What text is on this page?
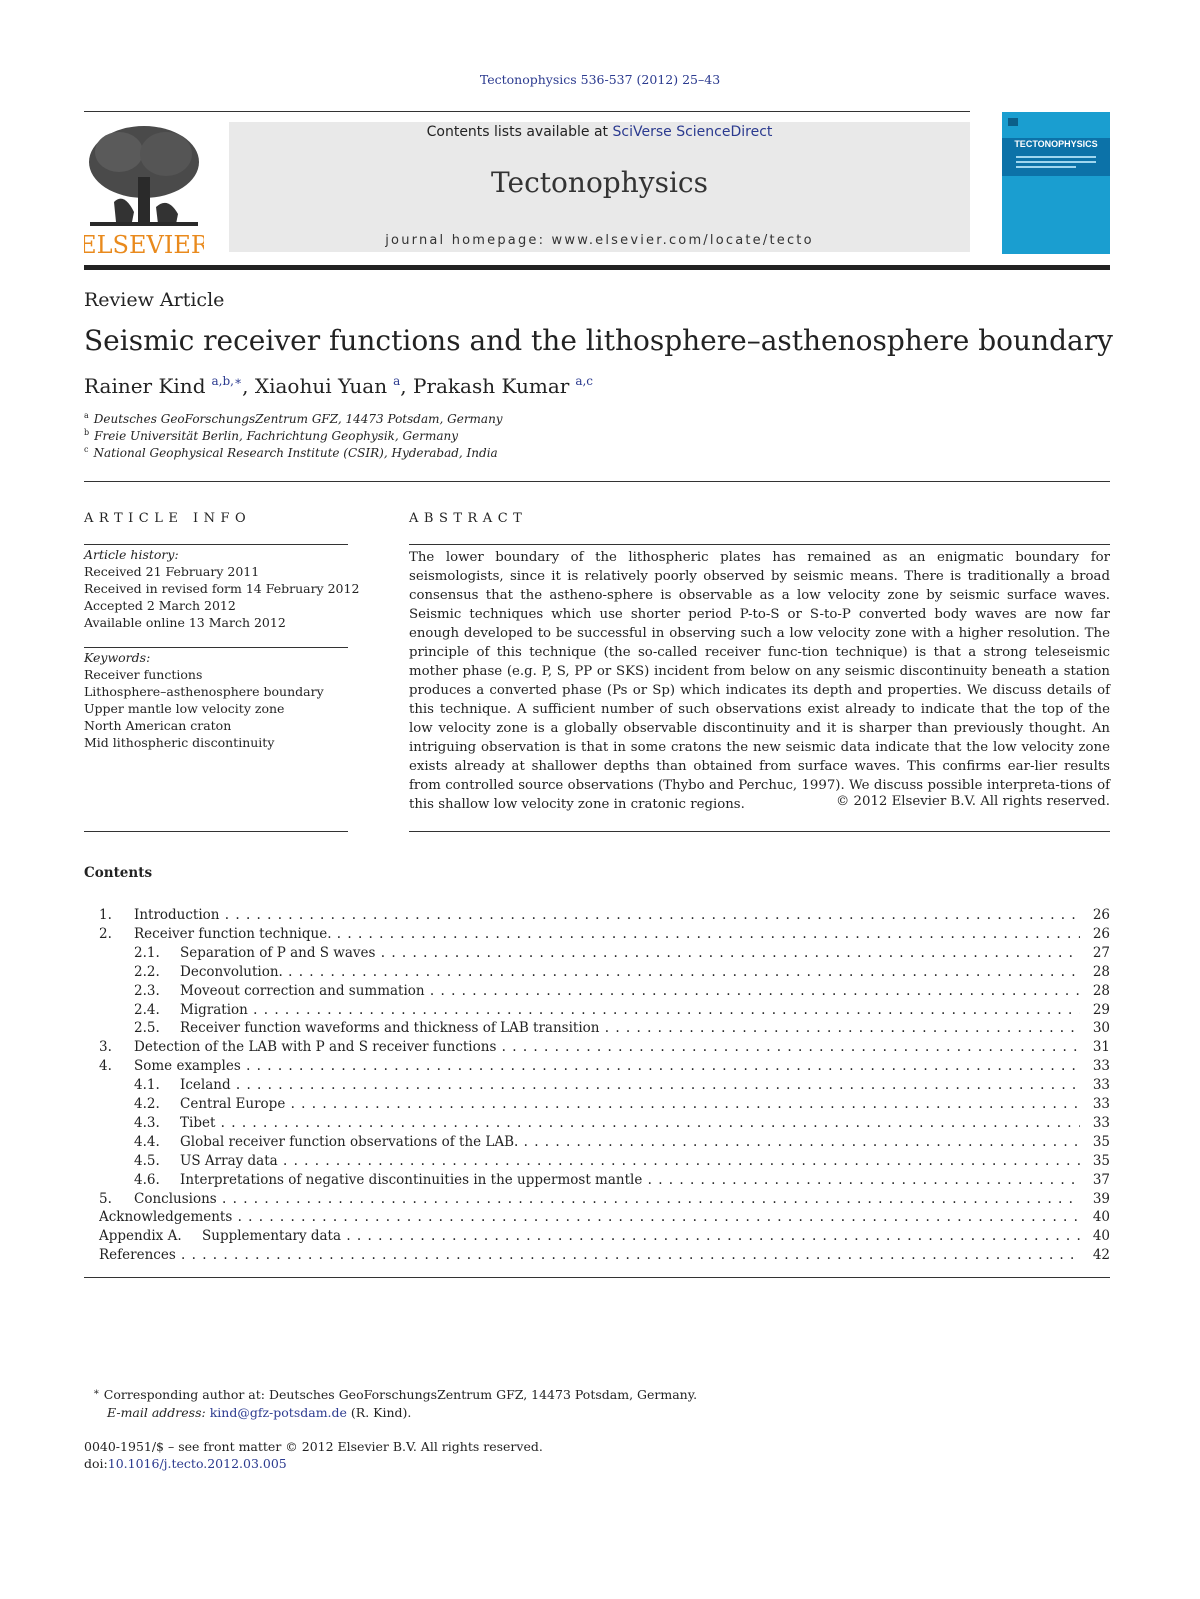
Tectonophysics 536-537 (2012) 25–43
ELSEVIER
Contents lists available at SciVerse ScienceDirect
Tectonophysics
journal homepage: www.elsevier.com/locate/tecto
TECTONOPHYSICS
Review Article
Seismic receiver functions and the lithosphere–asthenosphere boundary
Rainer Kind $^{a,b,∗}$, Xiaohui Yuan $^a$, Prakash Kumar $^{a,c}$
$^a$ Deutsches GeoForschungsZentrum GFZ, 14473 Potsdam, Germany
$^b$ Freie Universität Berlin, Fachrichtung Geophysik, Germany
$^c$ National Geophysical Research Institute (CSIR), Hyderabad, India
ARTICLE INFO
Article history:
Received 21 February 2011
Received in revised form 14 February 2012
Accepted 2 March 2012
Available online 13 March 2012
Keywords:
Receiver functions
Lithosphere–asthenosphere boundary
Upper mantle low velocity zone
North American craton
Mid lithospheric discontinuity
ABSTRACT
The lower boundary of the lithospheric plates has remained as an enigmatic boundary for seismologists, since it is relatively poorly observed by seismic means. There is traditionally a broad consensus that the astheno-sphere is observable as a low velocity zone by seismic surface waves. Seismic techniques which use shorter period P-to-S or S-to-P converted body waves are now far enough developed to be successful in observing such a low velocity zone with a higher resolution. The principle of this technique (the so-called receiver func-tion technique) is that a strong teleseismic mother phase (e.g. P, S, PP or SKS) incident from below on any seismic discontinuity beneath a station produces a converted phase (Ps or Sp) which indicates its depth and properties. We discuss details of this technique. A sufficient number of such observations exist already to indicate that the top of the low velocity zone is a globally observable discontinuity and it is sharper than previously thought. An intriguing observation is that in some cratons the new seismic data indicate that the low velocity zone exists already at shallower depths than obtained from surface waves. This confirms ear-lier results from controlled source observations (Thybo and Perchuc, 1997). We discuss possible interpreta-tions of this shallow low velocity zone in cratonic regions.	© 2012 Elsevier B.V. All rights reserved.
Contents
1. Introduction . . .	26
2. Receiver function technique. . . .	26
2.1. Separation of P and S waves . . .	27
2.2. Deconvolution. . . .	28
2.3. Moveout correction and summation . . .	28
2.4. Migration . . .	29
2.5. Receiver function waveforms and thickness of LAB transition . . .	30
3. Detection of the LAB with P and S receiver functions . . .	31
4. Some examples . . .	33
4.1. Iceland . . .	33
4.2. Central Europe . . .	33
4.3. Tibet . . .	33
4.4. Global receiver function observations of the LAB. . . .	35
4.5. US Array data . . .	35
4.6. Interpretations of negative discontinuities in the uppermost mantle . . .	37
5. Conclusions . . .	39
Acknowledgements . . .	40
Appendix A. Supplementary data . . .	40
References . . .	42
∗ Corresponding author at: Deutsches GeoForschungsZentrum GFZ, 14473 Potsdam, Germany.
E-mail address: kind@gfz-potsdam.de (R. Kind).
0040-1951/$ – see front matter © 2012 Elsevier B.V. All rights reserved.
doi:10.1016/j.tecto.2012.03.005
